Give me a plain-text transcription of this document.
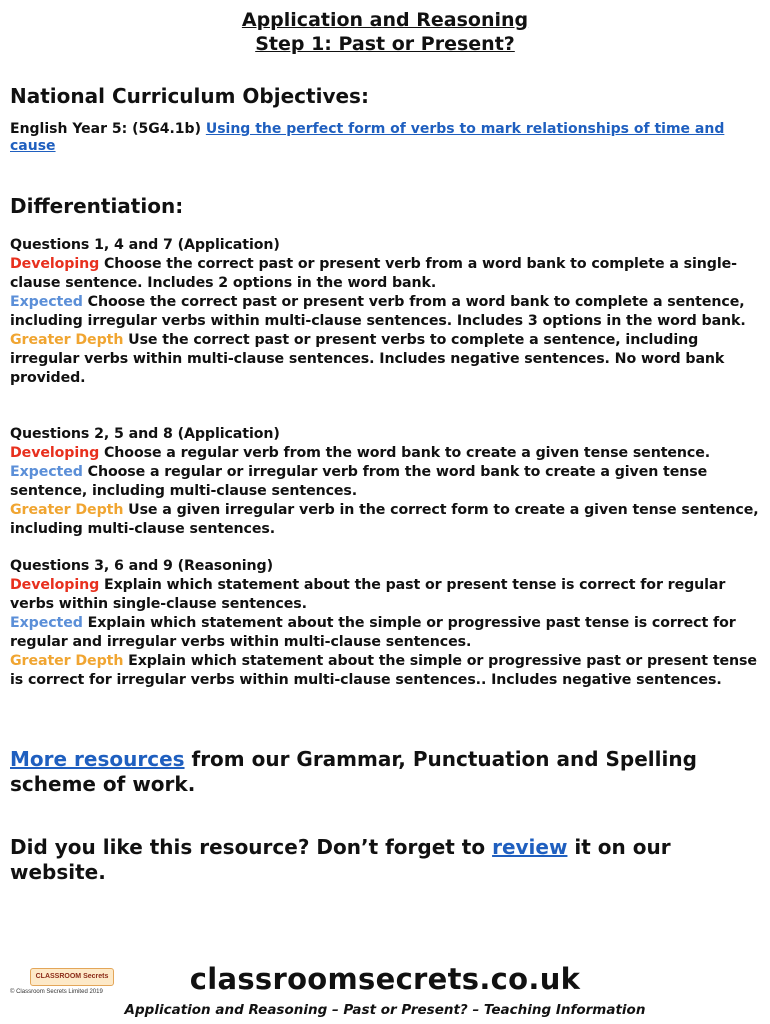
Application and Reasoning
Step 1: Past or Present?
National Curriculum Objectives:
English Year 5: (5G4.1b) Using the perfect form of verbs to mark relationships of time and cause
Differentiation:
Questions 1, 4 and 7 (Application)
Developing Choose the correct past or present verb from a word bank to complete a single-clause sentence. Includes 2 options in the word bank.
Expected Choose the correct past or present verb from a word bank to complete a sentence, including irregular verbs within multi-clause sentences. Includes 3 options in the word bank.
Greater Depth Use the correct past or present verbs to complete a sentence, including irregular verbs within multi-clause sentences. Includes negative sentences. No word bank provided.
Questions 2, 5 and 8 (Application)
Developing Choose a regular verb from the word bank to create a given tense sentence.
Expected Choose a regular or irregular verb from the word bank to create a given tense sentence, including multi-clause sentences.
Greater Depth Use a given irregular verb in the correct form to create a given tense sentence, including multi-clause sentences.
Questions 3, 6 and 9 (Reasoning)
Developing Explain which statement about the past or present tense is correct for regular verbs within single-clause sentences.
Expected Explain which statement about the simple or progressive past tense is correct for regular and irregular verbs within multi-clause sentences.
Greater Depth Explain which statement about the simple or progressive past or present tense is correct for irregular verbs within multi-clause sentences.. Includes negative sentences.
More resources from our Grammar, Punctuation and Spelling scheme of work.
Did you like this resource? Don’t forget to review it on our website.
CLASSROOM Secrets
© Classroom Secrets Limited 2019	classroomsecrets.co.uk
Application and Reasoning – Past or Present? – Teaching Information
